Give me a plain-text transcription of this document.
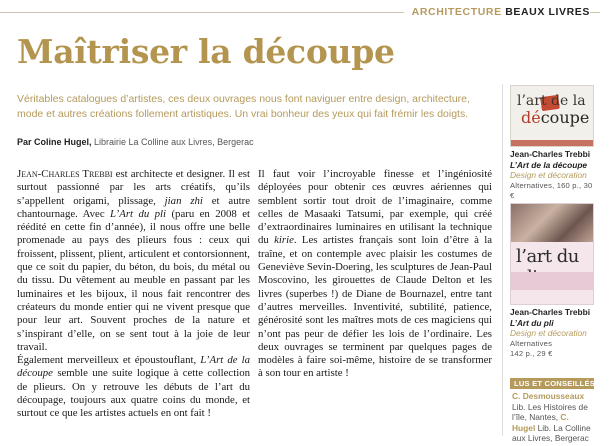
ARCHITECTURE BEAUX LIVRES
Maîtriser la découpe

Véritables catalogues d’artistes, ces deux ouvrages nous font naviguer entre design, architecture, mode et autres créations follement artistiques. Un vrai bonheur des yeux qui fait frémir les doigts.

Par Coline Hugel, Librairie La Colline aux Livres, Bergerac

Jean-Charles Trebbi est architecte et designer. Il est surtout passionné par les arts créatifs, qu’ils s’appellent origami, plissage, jian zhi et autre chantournage. Avec L’Art du pli (paru en 2008 et réédité en cette fin d’année), il nous offre une belle promenade au pays des plieurs fous : ceux qui froissent, plissent, plient, articulent et contorsionnent, que ce soit du papier, du béton, du bois, du métal ou du tissu. Du vêtement au meuble en passant par les luminaires et les bijoux, il nous fait rencontrer des créateurs du monde entier qui ne vivent presque que pour leur art. Souvent proches de la nature et s’inspirant d’elle, on se sent tout à la joie de leur travail.

Également merveilleux et époustouflant, L’Art de la découpe semble une suite logique à cette collection de plieurs. On y retrouve les débuts de l’art du découpage, toujours aux quatre coins du monde, et surtout ce que les artistes actuels en ont fait !

Il faut voir l’incroyable finesse et l’ingéniosité déployées pour obtenir ces œuvres aériennes qui semblent sortir tout droit de l’imaginaire, comme celles de Masaaki Tatsumi, par exemple, qui créé d’extraordinaires luminaires en utilisant la technique du kirie. Les artistes français sont loin d’être à la traîne, et on contemple avec plaisir les costumes de Geneviève Sevin-Doering, les sculptures de Jean-Paul Moscovino, les girouettes de Claude Delton et les livres (superbes !) de Diane de Bournazel, entre tant d’autres merveilles. Inventivité, subtilité, patience, générosité sont les maîtres mots de ces magiciens qui n’ont pas peur de défier les lois de l’ordinaire. Les deux ouvrages se terminent par quelques pages de modèles à faire soi-même, histoire de se transformer à son tour en artiste !

l’art de la
découpe
Jean-Charles Trebbi
L’Art de la découpe
Design et décoration
Alternatives, 160 p., 30 €
l’art du
Jean-Charles Trebbi
L’Art du pli
Design et décoration
Alternatives
142 p., 29 €
LUS ET CONSEILLÉS PAR
C. Desmousseaux
Lib. Les Histoires de l’île, Nantes, C. Hugel Lib. La Colline aux Livres, Bergerac
